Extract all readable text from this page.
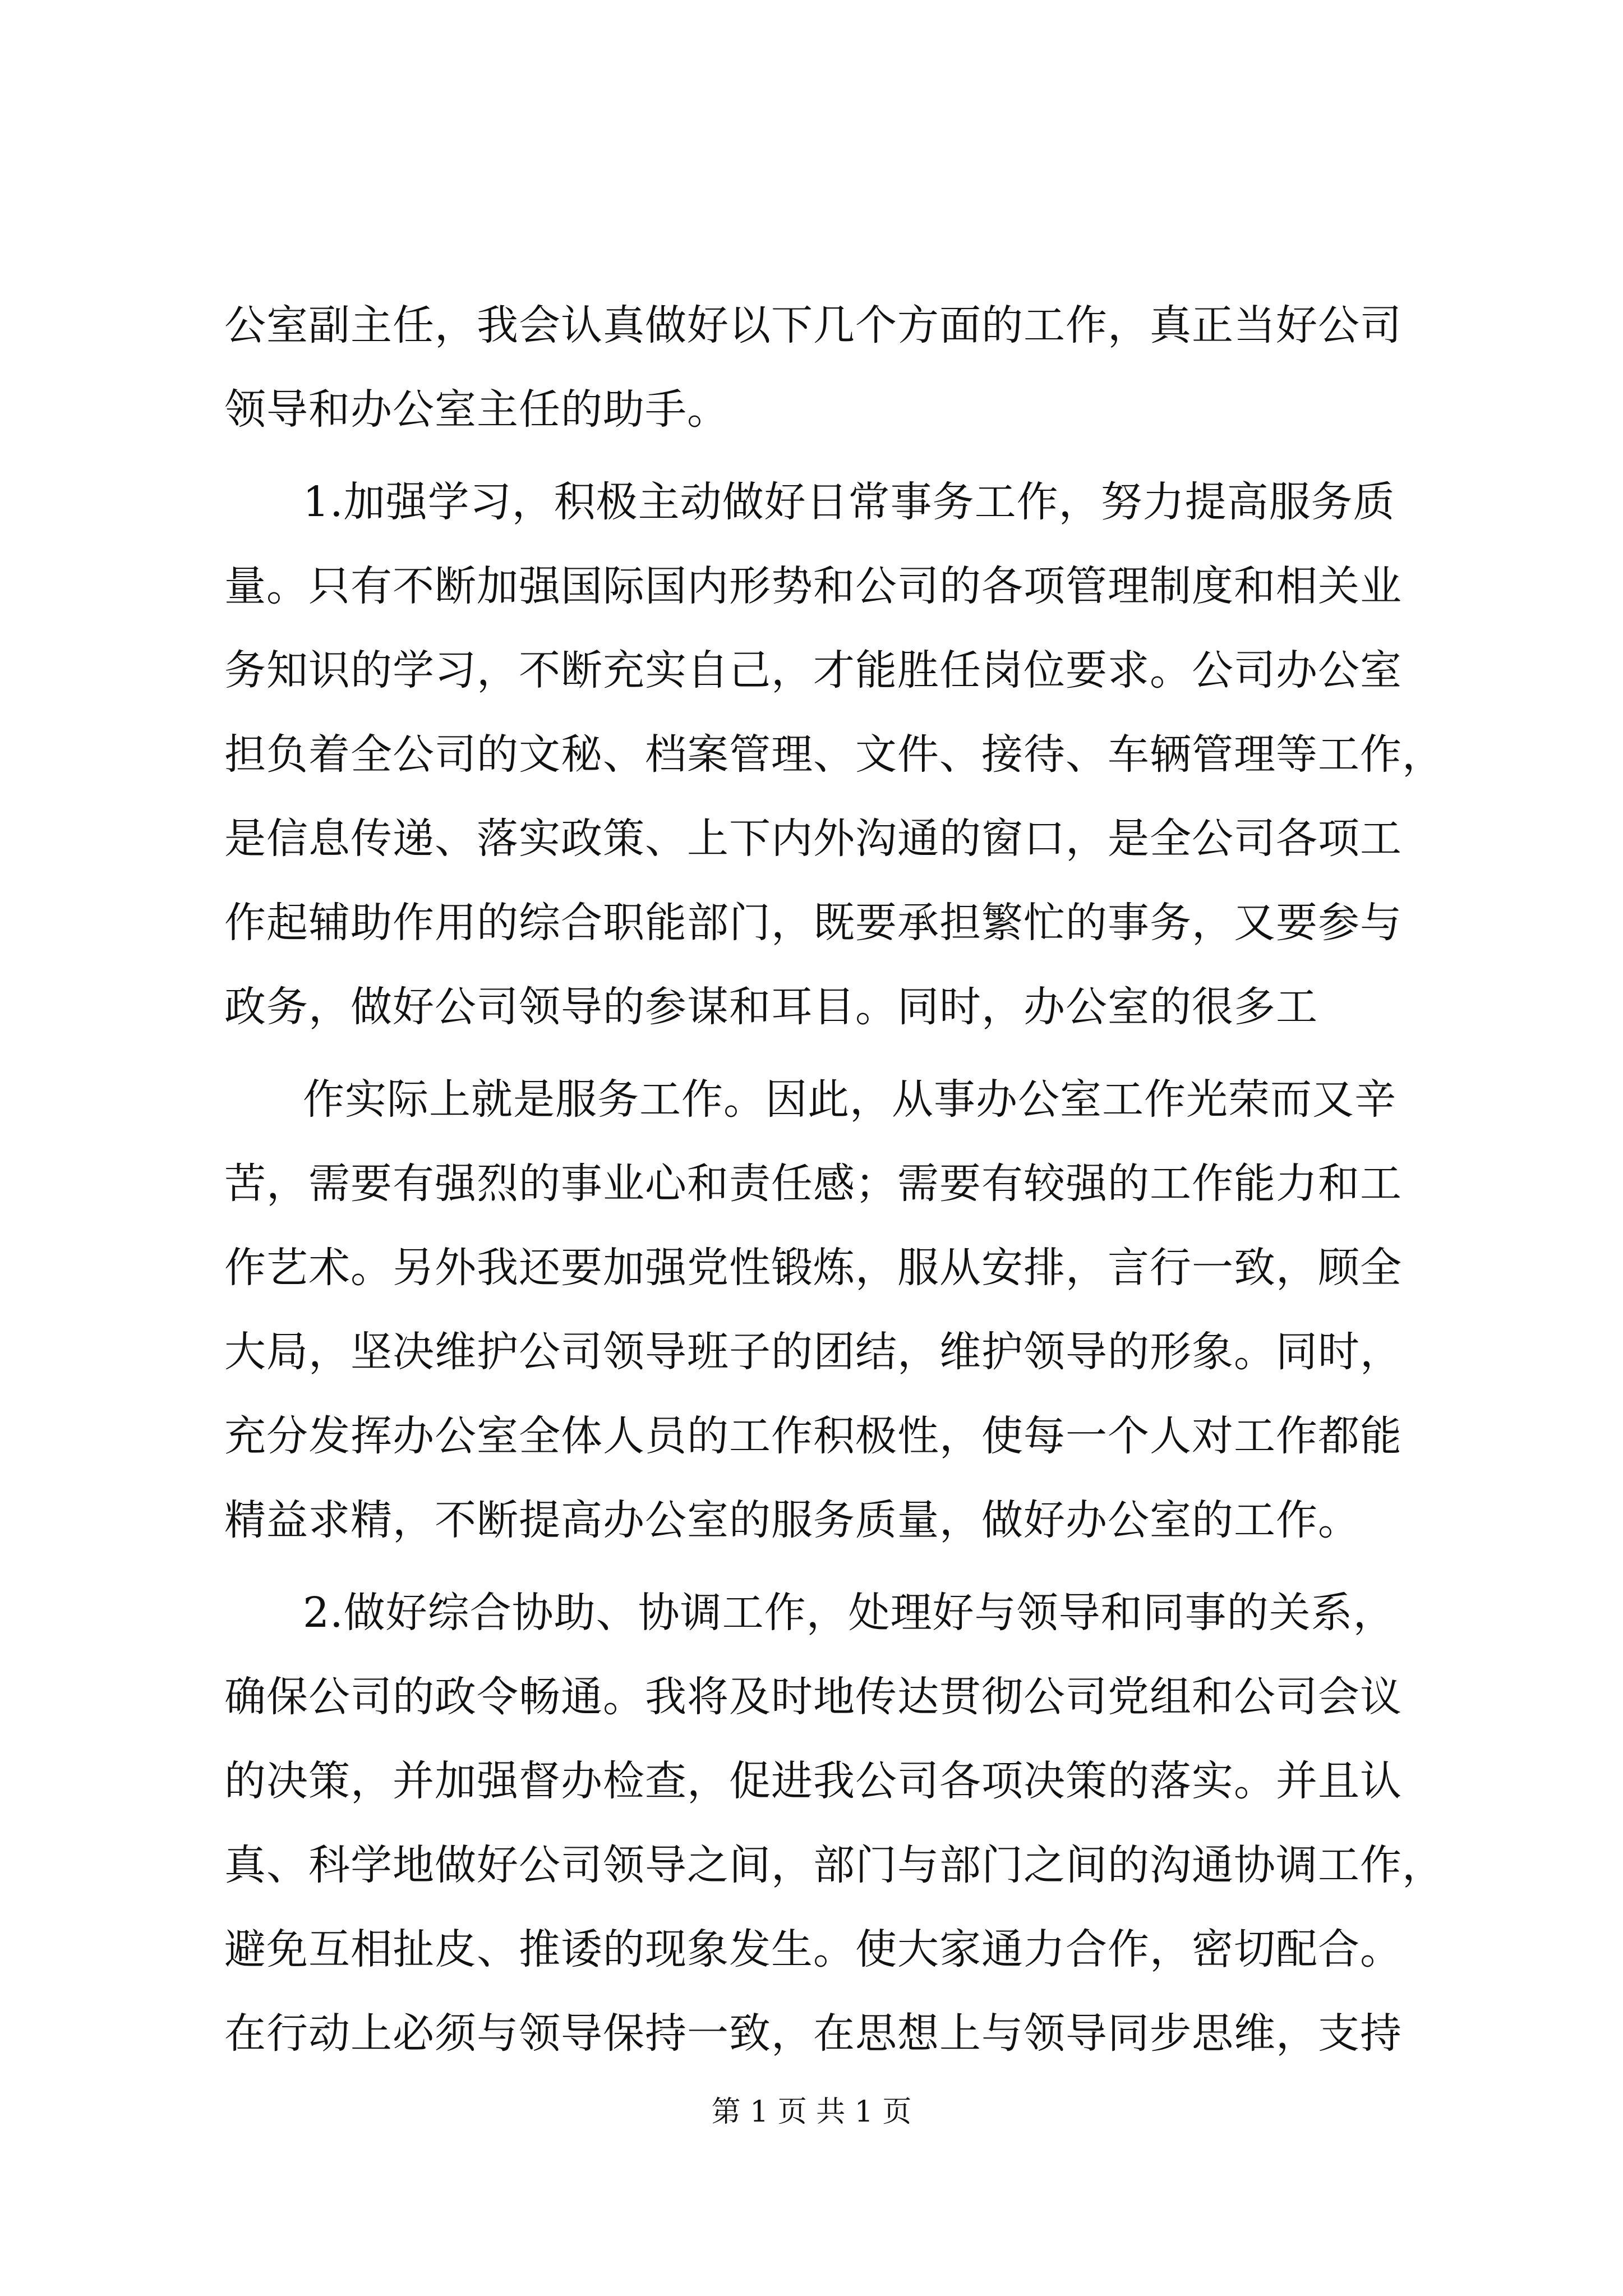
公室副主任，我会认真做好以下几个方面的工作，真正当好公司
领导和办公室主任的助手。
1.加强学习，积极主动做好日常事务工作，努力提高服务质
量。只有不断加强国际国内形势和公司的各项管理制度和相关业
务知识的学习，不断充实自己，才能胜任岗位要求。公司办公室
担负着全公司的文秘、档案管理、文件、接待、车辆管理等工作，
是信息传递、落实政策、上下内外沟通的窗口，是全公司各项工
作起辅助作用的综合职能部门，既要承担繁忙的事务，又要参与
政务，做好公司领导的参谋和耳目。同时，办公室的很多工
作实际上就是服务工作。因此，从事办公室工作光荣而又辛
苦，需要有强烈的事业心和责任感；需要有较强的工作能力和工
作艺术。另外我还要加强党性锻炼，服从安排，言行一致，顾全
大局，坚决维护公司领导班子的团结，维护领导的形象。同时，
充分发挥办公室全体人员的工作积极性，使每一个人对工作都能
精益求精，不断提高办公室的服务质量，做好办公室的工作。
2.做好综合协助、协调工作，处理好与领导和同事的关系，
确保公司的政令畅通。我将及时地传达贯彻公司党组和公司会议
的决策，并加强督办检查，促进我公司各项决策的落实。并且认
真、科学地做好公司领导之间，部门与部门之间的沟通协调工作，
避免互相扯皮、推诿的现象发生。使大家通力合作，密切配合。
在行动上必须与领导保持一致，在思想上与领导同步思维，支持
第 1 页 共 1 页
